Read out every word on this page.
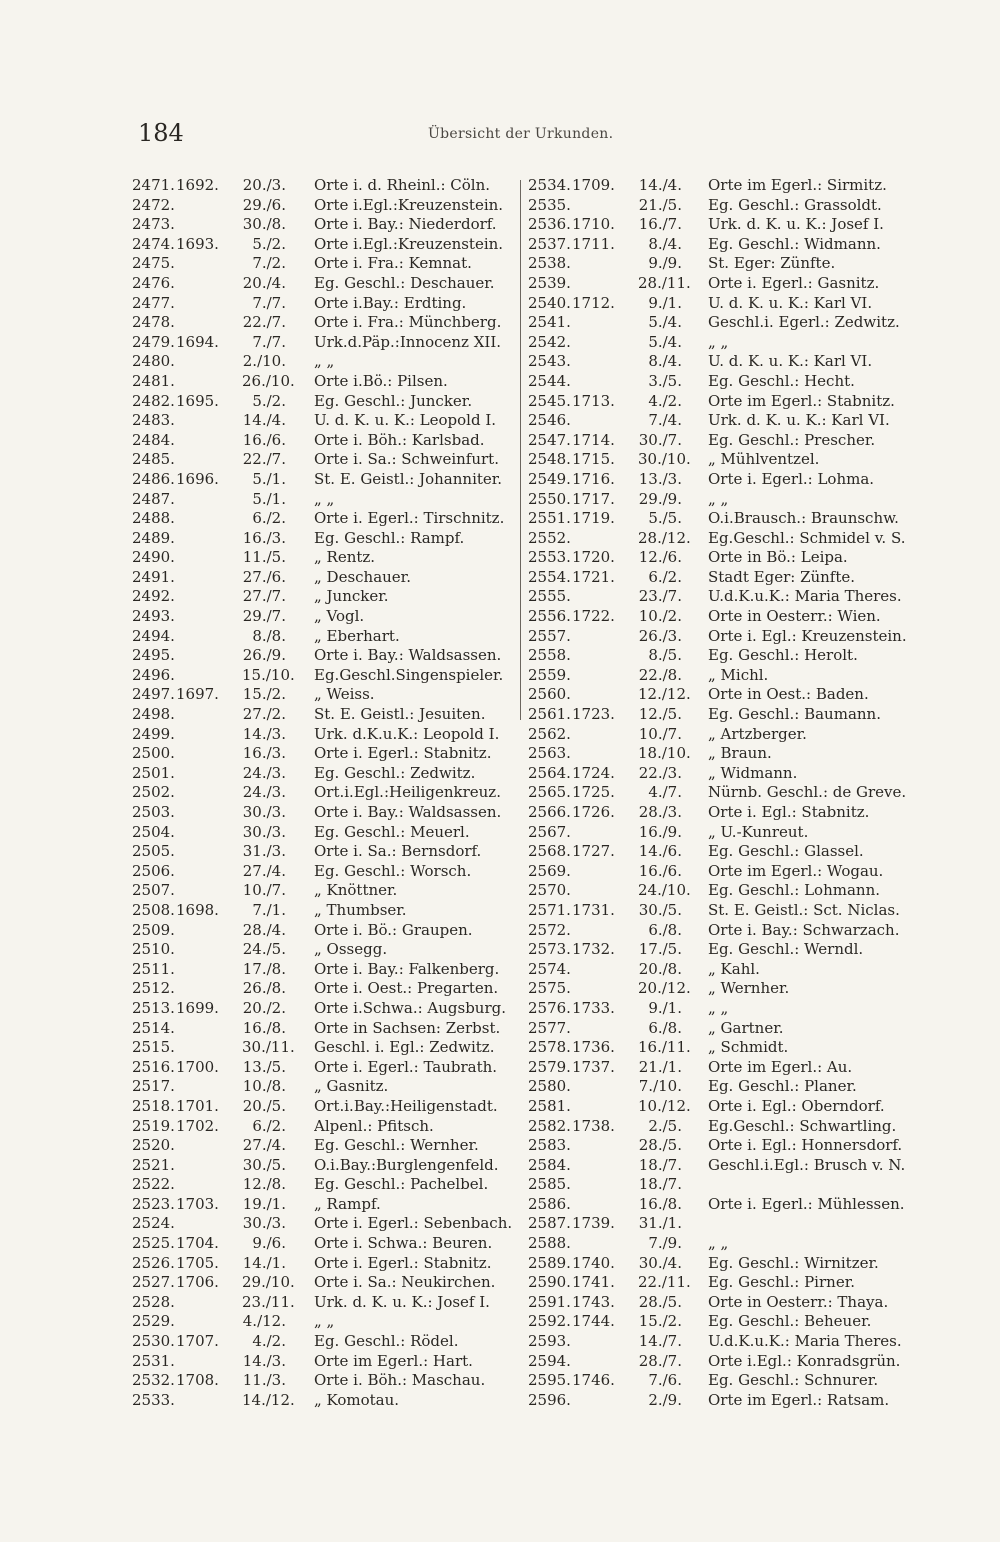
184	Übersicht der Urkunden.
2471. 1692. 20./3. Orte i. d. Rheinl.: Cöln.
2472.	29./6. Orte i.Egl.:Kreuzenstein.
2473.	30./8. Orte i. Bay.: Niederdorf.
2474. 1693.	5./2. Orte i.Egl.:Kreuzenstein.
2475.	7./2. Orte i. Fra.: Kemnat.
2476.	20./4. Eg. Geschl.: Deschauer.
2477.	7./7. Orte i.Bay.: Erdting.
2478.	22./7. Orte i. Fra.: Münchberg.
2479. 1694.	7./7. Urk.d.Päp.:Innocenz XII.
2480.	2./10. „ „
2481.	26./10. Orte i.Bö.: Pilsen.
2482. 1695.	5./2. Eg. Geschl.: Juncker.
2483.	14./4. U. d. K. u. K.: Leopold I.
2484.	16./6. Orte i. Böh.: Karlsbad.
2485.	22./7. Orte i. Sa.: Schweinfurt.
2486. 1696.	5./1. St. E. Geistl.: Johanniter.
2487.	5./1. „ „
2488.	6./2. Orte i. Egerl.: Tirschnitz.
2489.	16./3. Eg. Geschl.: Rampf.
2490.	11./5. „ Rentz.
2491.	27./6. „ Deschauer.
2492.	27./7. „ Juncker.
2493.	29./7. „ Vogl.
2494.	8./8. „ Eberhart.
2495.	26./9. Orte i. Bay.: Waldsassen.
2496.	15./10. Eg.Geschl.Singenspieler.
2497. 1697. 15./2. „ Weiss.
2498.	27./2. St. E. Geistl.: Jesuiten.
2499.	14./3. Urk. d.K.u.K.: Leopold I.
2500.	16./3. Orte i. Egerl.: Stabnitz.
2501.	24./3. Eg. Geschl.: Zedwitz.
2502.	24./3. Ort.i.Egl.:Heiligenkreuz.
2503.	30./3. Orte i. Bay.: Waldsassen.
2504.	30./3. Eg. Geschl.: Meuerl.
2505.	31./3. Orte i. Sa.: Bernsdorf.
2506.	27./4. Eg. Geschl.: Worsch.
2507.	10./7. „ Knöttner.
2508. 1698.	7./1. „ Thumbser.
2509.	28./4. Orte i. Bö.: Graupen.
2510.	24./5. „ Ossegg.
2511.	17./8. Orte i. Bay.: Falkenberg.
2512.	26./8. Orte i. Oest.: Pregarten.
2513. 1699. 20./2. Orte i.Schwa.: Augsburg.
2514.	16./8. Orte in Sachsen: Zerbst.
2515.	30./11. Geschl. i. Egl.: Zedwitz.
2516. 1700. 13./5. Orte i. Egerl.: Taubrath.
2517.	10./8. „ Gasnitz.
2518. 1701. 20./5. Ort.i.Bay.:Heiligenstadt.
2519. 1702.	6./2. Alpenl.: Pfitsch.
2520.	27./4. Eg. Geschl.: Wernher.
2521.	30./5. O.i.Bay.:Burglengenfeld.
2522.	12./8. Eg. Geschl.: Pachelbel.
2523. 1703. 19./1. „ Rampf.
2524.	30./3. Orte i. Egerl.: Sebenbach.
2525. 1704.	9./6. Orte i. Schwa.: Beuren.
2526. 1705. 14./1. Orte i. Egerl.: Stabnitz.
2527. 1706. 29./10. Orte i. Sa.: Neukirchen.
2528.	23./11. Urk. d. K. u. K.: Josef I.
2529.	4./12. „ „
2530. 1707.	4./2. Eg. Geschl.: Rödel.
2531.	14./3. Orte im Egerl.: Hart.
2532. 1708. 11./3. Orte i. Böh.: Maschau.
2533.	14./12. „ Komotau.
2534. 1709. 14./4. Orte im Egerl.: Sirmitz.
2535.	21./5. Eg. Geschl.: Grassoldt.
2536. 1710. 16./7. Urk. d. K. u. K.: Josef I.
2537. 1711.	8./4. Eg. Geschl.: Widmann.
2538.	9./9. St. Eger: Zünfte.
2539.	28./11. Orte i. Egerl.: Gasnitz.
2540. 1712.	9./1. U. d. K. u. K.: Karl VI.
2541.	5./4. Geschl.i. Egerl.: Zedwitz.
2542.	5./4. „ „
2543.	8./4. U. d. K. u. K.: Karl VI.
2544.	3./5. Eg. Geschl.: Hecht.
2545. 1713.	4./2. Orte im Egerl.: Stabnitz.
2546.	7./4. Urk. d. K. u. K.: Karl VI.
2547. 1714. 30./7. Eg. Geschl.: Prescher.
2548. 1715. 30./10. „ Mühlventzel.
2549. 1716. 13./3. Orte i. Egerl.: Lohma.
2550. 1717. 29./9. „ „
2551. 1719.	5./5. O.i.Brausch.: Braunschw.
2552.	28./12. Eg.Geschl.: Schmidel v. S.
2553. 1720. 12./6. Orte in Bö.: Leipa.
2554. 1721.	6./2. Stadt Eger: Zünfte.
2555.	23./7. U.d.K.u.K.: Maria Theres.
2556. 1722. 10./2. Orte in Oesterr.: Wien.
2557.	26./3. Orte i. Egl.: Kreuzenstein.
2558.	8./5. Eg. Geschl.: Herolt.
2559.	22./8. „ Michl.
2560.	12./12. Orte in Oest.: Baden.
2561. 1723. 12./5. Eg. Geschl.: Baumann.
2562.	10./7. „ Artzberger.
2563.	18./10. „ Braun.
2564. 1724. 22./3. „ Widmann.
2565. 1725.	4./7. Nürnb. Geschl.: de Greve.
2566. 1726. 28./3. Orte i. Egl.: Stabnitz.
2567.	16./9. „ U.-Kunreut.
2568. 1727. 14./6. Eg. Geschl.: Glassel.
2569.	16./6. Orte im Egerl.: Wogau.
2570.	24./10. Eg. Geschl.: Lohmann.
2571. 1731. 30./5. St. E. Geistl.: Sct. Niclas.
2572.	6./8. Orte i. Bay.: Schwarzach.
2573. 1732. 17./5. Eg. Geschl.: Werndl.
2574.	20./8. „ Kahl.
2575.	20./12. „ Wernher.
2576. 1733.	9./1. „ „
2577.	6./8. „ Gartner.
2578. 1736. 16./11. „ Schmidt.
2579. 1737. 21./1. Orte im Egerl.: Au.
2580.	7./10. Eg. Geschl.: Planer.
2581.	10./12. Orte i. Egl.: Oberndorf.
2582. 1738.	2./5. Eg.Geschl.: Schwartling.
2583.	28./5. Orte i. Egl.: Honnersdorf.
2584.	18./7. Geschl.i.Egl.: Brusch v. N.
2585.	18./7.
2586.	16./8. Orte i. Egerl.: Mühlessen.
2587. 1739. 31./1.
2588.	7./9. „ „
2589. 1740. 30./4. Eg. Geschl.: Wirnitzer.
2590. 1741. 22./11. Eg. Geschl.: Pirner.
2591. 1743. 28./5. Orte in Oesterr.: Thaya.
2592. 1744. 15./2. Eg. Geschl.: Beheuer.
2593.	14./7. U.d.K.u.K.: Maria Theres.
2594.	28./7. Orte i.Egl.: Konradsgrün.
2595. 1746.	7./6. Eg. Geschl.: Schnurer.
2596.	2./9. Orte im Egerl.: Ratsam.
